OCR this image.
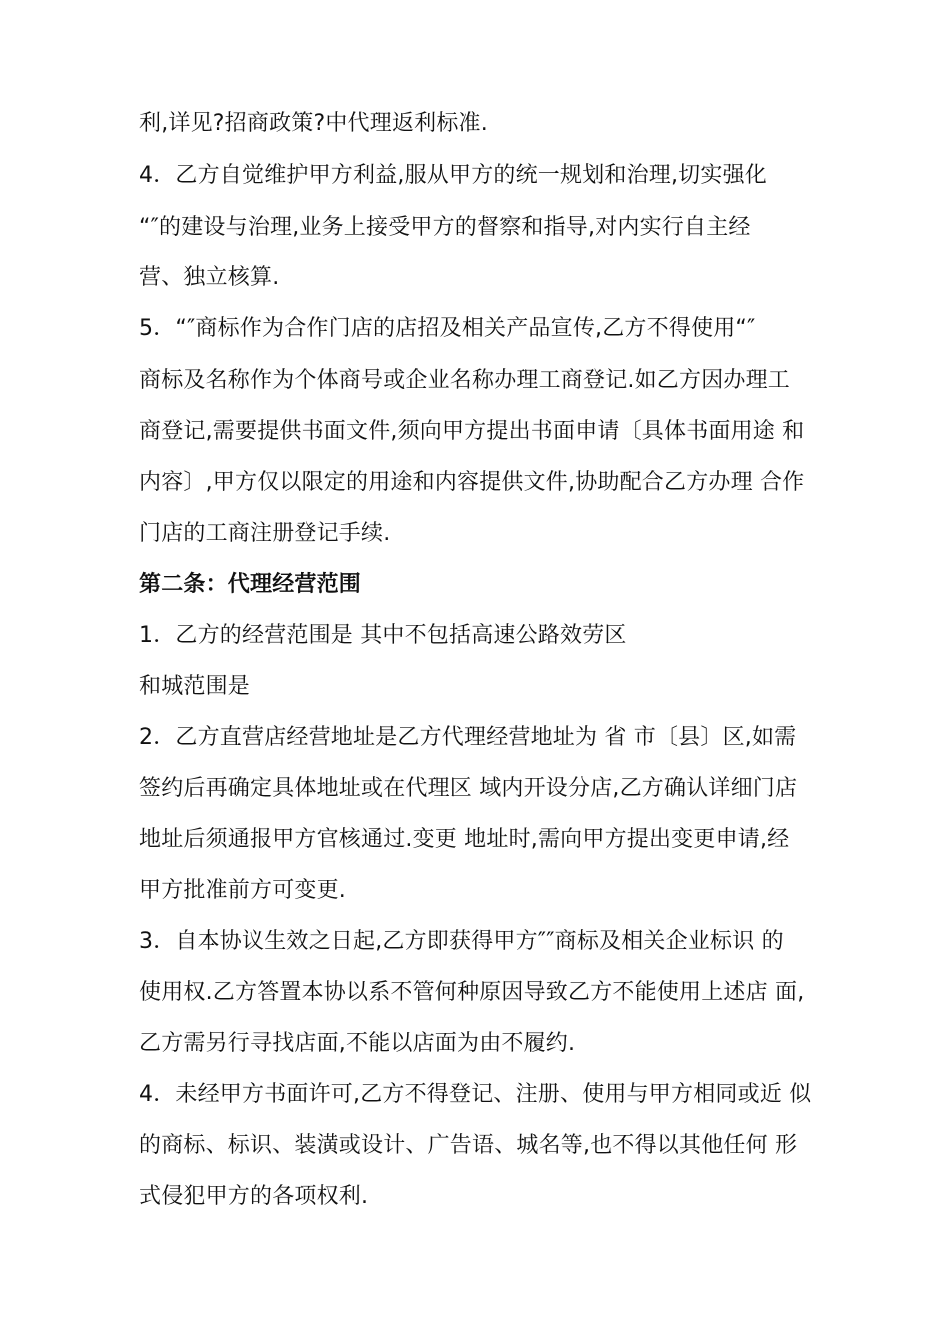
利,详见?招商政策?中代理返利标准.
4．乙方自觉维护甲方利益,服从甲方的统一规划和治理,切实强化
“″的建设与治理,业务上接受甲方的督察和指导,对内实行自主经
营、独立核算.
5．“″商标作为合作门店的店招及相关产品宣传,乙方不得使用“″
商标及名称作为个体商号或企业名称办理工商登记.如乙方因办理工
商登记,需要提供书面文件,须向甲方提出书面申请〔具体书面用途 和
内容〕,甲方仅以限定的用途和内容提供文件,协助配合乙方办理 合作
门店的工商注册登记手续.
第二条：代理经营范围
1．乙方的经营范围是 其中不包括高速公路效劳区
和城范围是
2．乙方直营店经营地址是乙方代理经营地址为 省 市〔县〕区,如需
签约后再确定具体地址或在代理区 域内开设分店,乙方确认详细门店
地址后须通报甲方官核通过.变更 地址时,需向甲方提出变更申请,经
甲方批准前方可变更.
3．自本协议生效之日起,乙方即获得甲方″″商标及相关企业标识 的
使用权.乙方答置本协以系不管何种原因导致乙方不能使用上述店 面,
乙方需另行寻找店面,不能以店面为由不履约.
4．未经甲方书面许可,乙方不得登记、注册、使用与甲方相同或近 似
的商标、标识、装潢或设计、广告语、城名等,也不得以其他任何 形
式侵犯甲方的各项权利.
